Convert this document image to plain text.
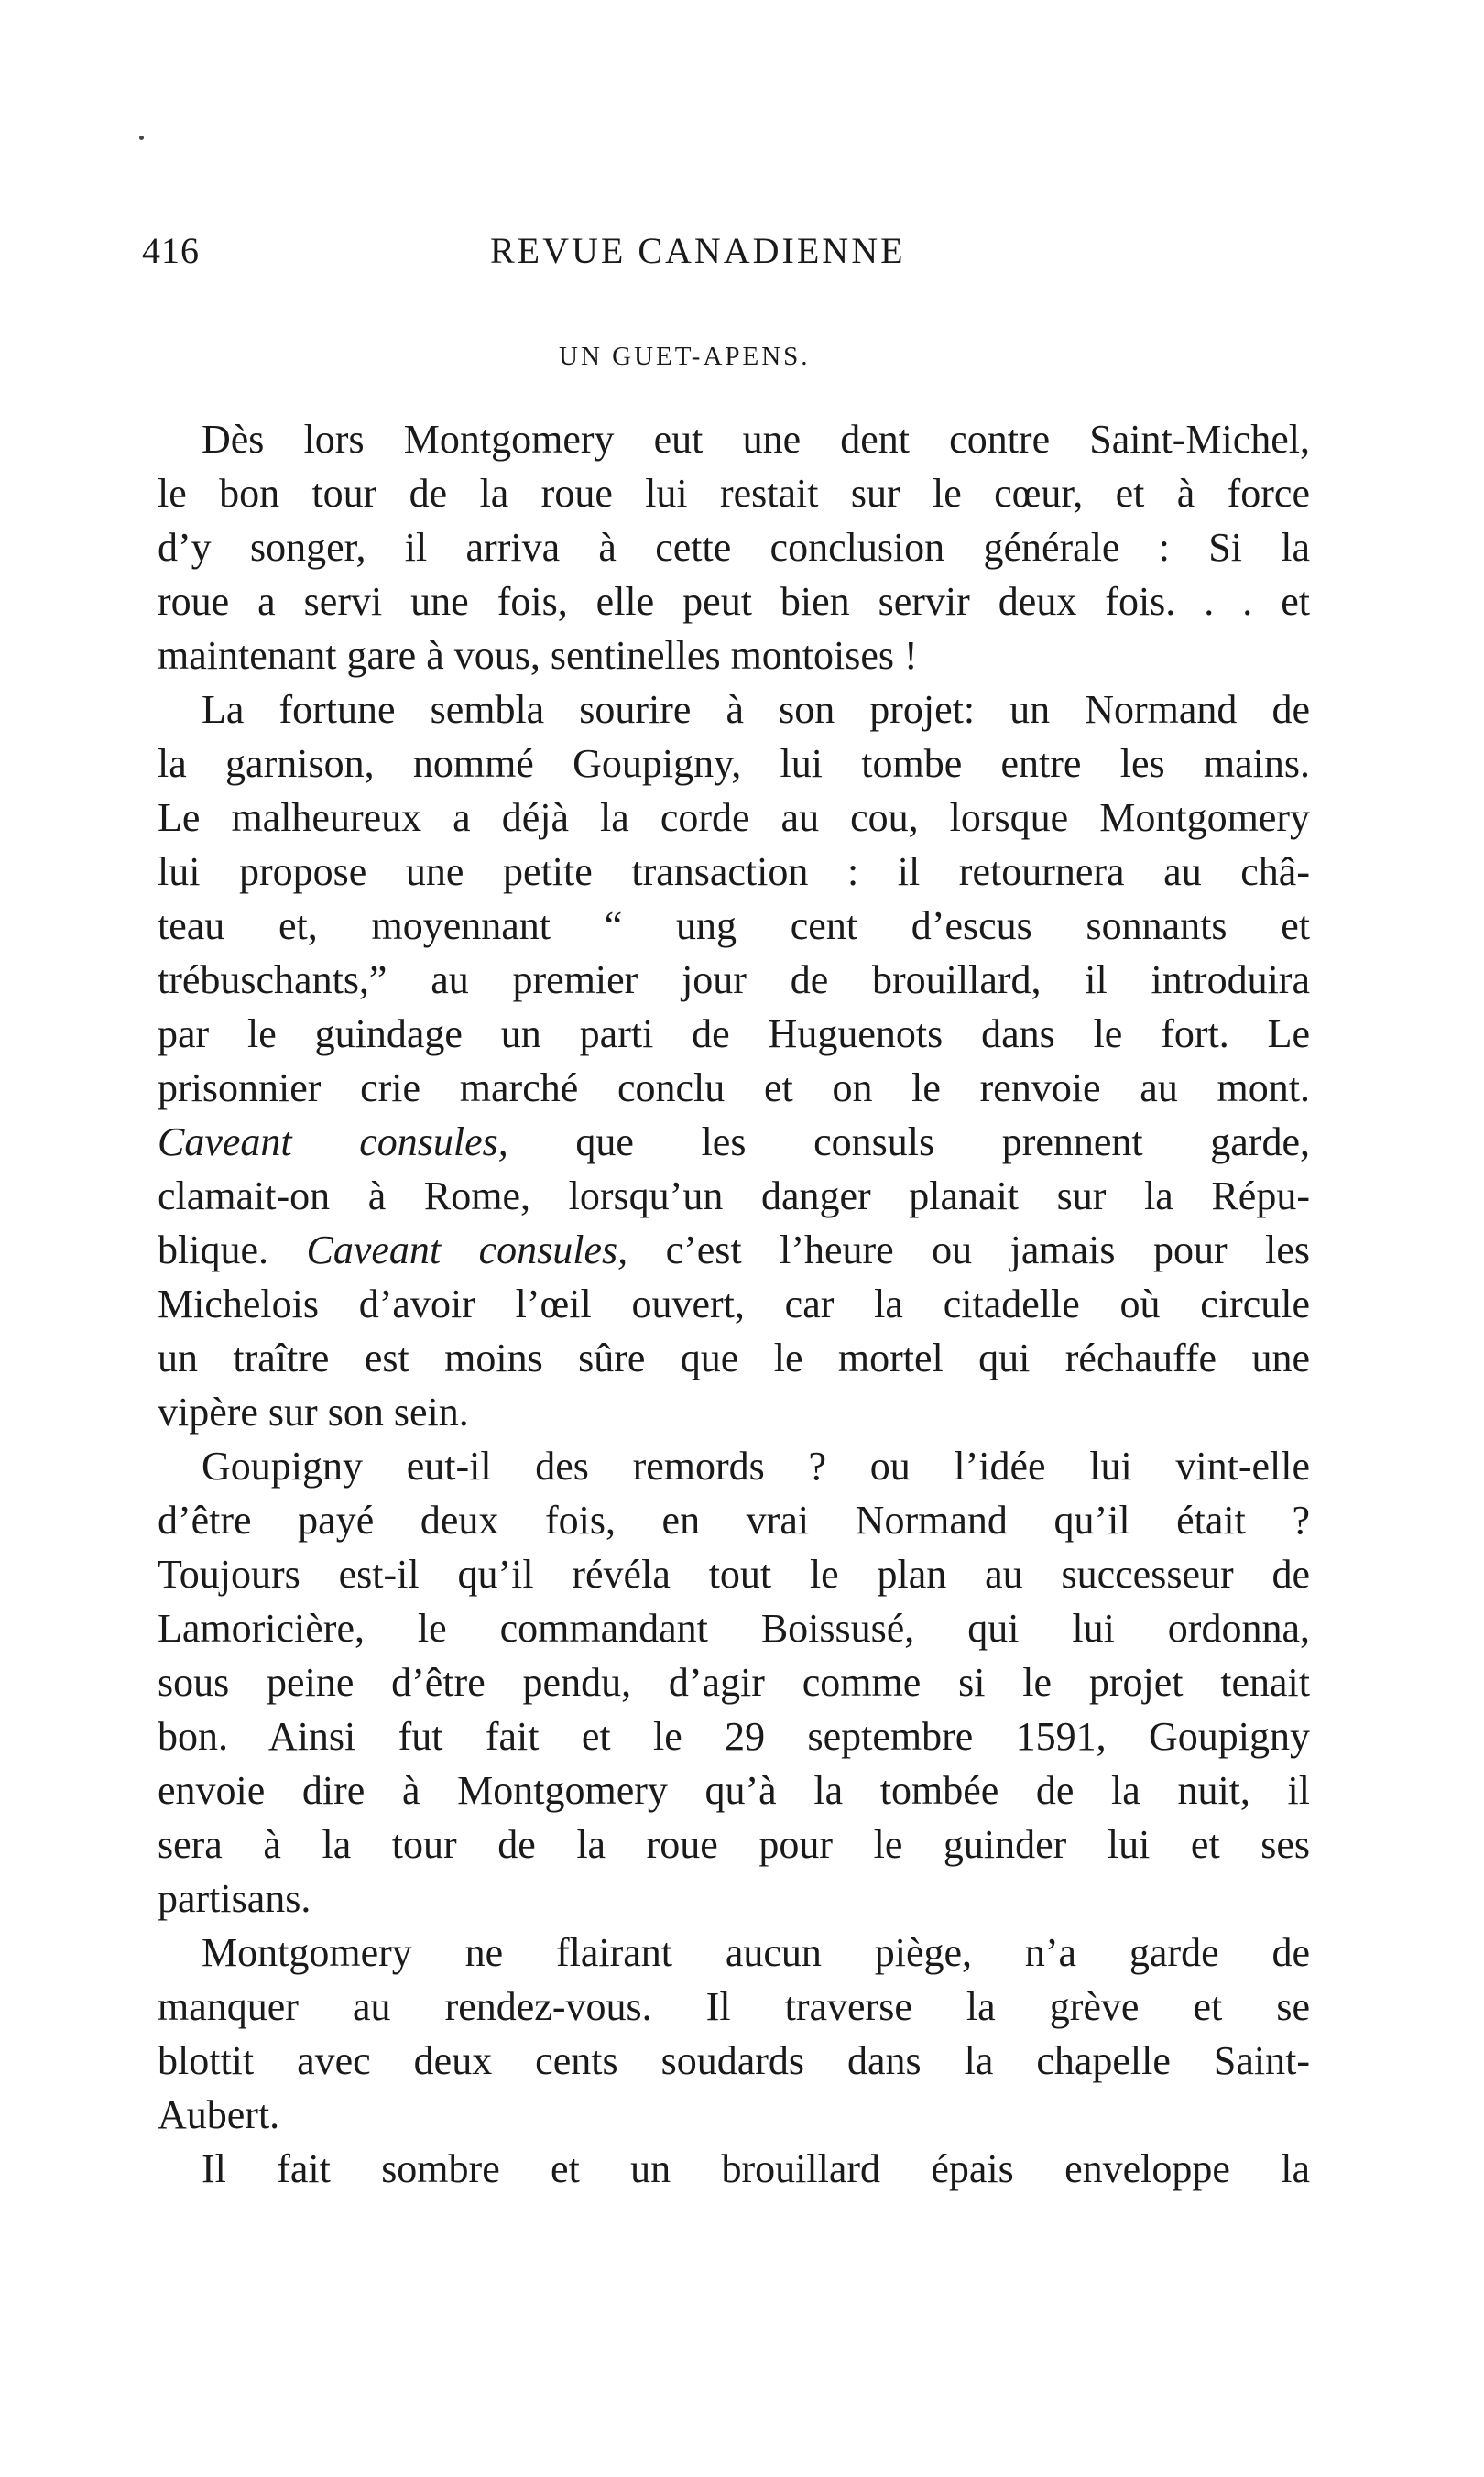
416	REVUE CANADIENNE
UN GUET-APENS.
Dès lors Montgomery eut une dent contre Saint-Michel,
le bon tour de la roue lui restait sur le cœur, et à force
d’y songer, il arriva à cette conclusion générale : Si la
roue a servi une fois, elle peut bien servir deux fois. . . et
maintenant gare à vous, sentinelles montoises !
La fortune sembla sourire à son projet: un Normand de
la garnison, nommé Goupigny, lui tombe entre les mains.
Le malheureux a déjà la corde au cou, lorsque Montgomery
lui propose une petite transaction : il retournera au châ-
teau et, moyennant “ ung cent d’escus sonnants et
trébuschants,” au premier jour de brouillard, il introduira
par le guindage un parti de Huguenots dans le fort. Le
prisonnier crie marché conclu et on le renvoie au mont.
Caveant consules, que les consuls prennent garde,
clamait-on à Rome, lorsqu’un danger planait sur la Répu-
blique. Caveant consules, c’est l’heure ou jamais pour les
Michelois d’avoir l’œil ouvert, car la citadelle où circule
un traître est moins sûre que le mortel qui réchauffe une
vipère sur son sein.
Goupigny eut-il des remords ? ou l’idée lui vint-elle
d’être payé deux fois, en vrai Normand qu’il était ?
Toujours est-il qu’il révéla tout le plan au successeur de
Lamoricière, le commandant Boissusé, qui lui ordonna,
sous peine d’être pendu, d’agir comme si le projet tenait
bon. Ainsi fut fait et le 29 septembre 1591, Goupigny
envoie dire à Montgomery qu’à la tombée de la nuit, il
sera à la tour de la roue pour le guinder lui et ses
partisans.
Montgomery ne flairant aucun piège, n’a garde de
manquer au rendez-vous. Il traverse la grève et se
blottit avec deux cents soudards dans la chapelle Saint-
Aubert.
Il fait sombre et un brouillard épais enveloppe la
